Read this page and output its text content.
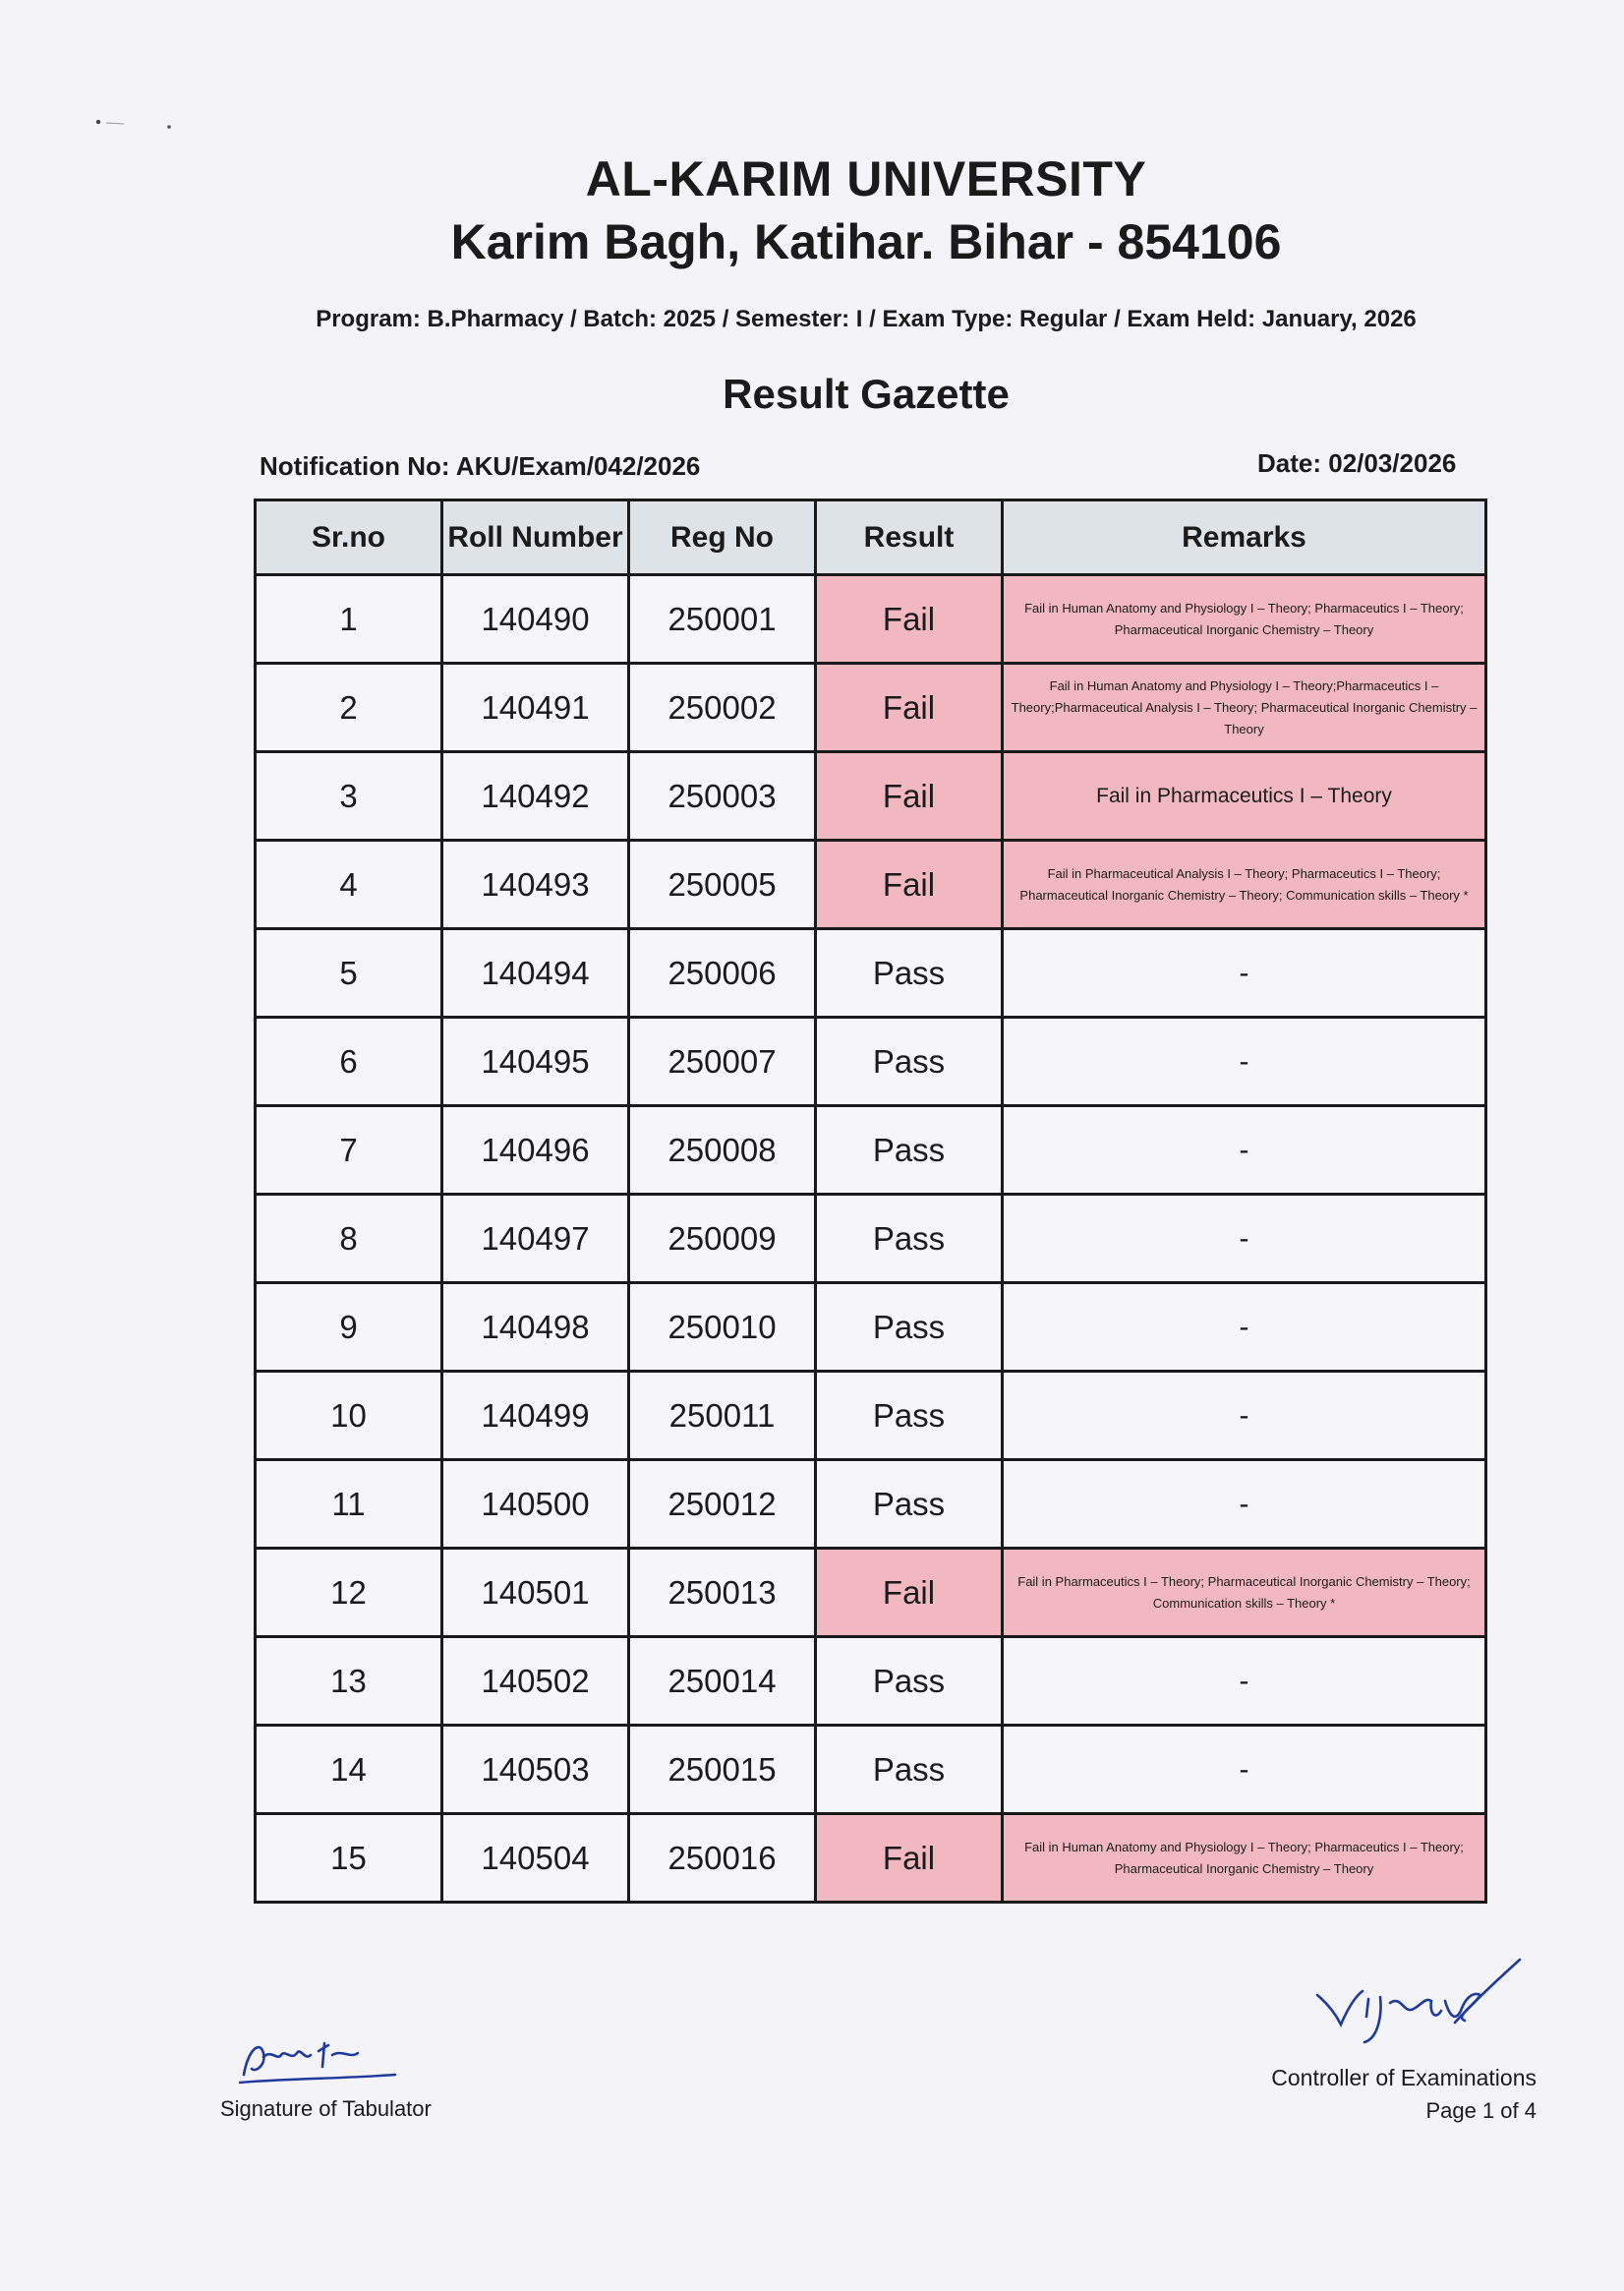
AL-KARIM UNIVERSITY
Karim Bagh, Katihar. Bihar - 854106
Program: B.Pharmacy / Batch: 2025 / Semester: I / Exam Type: Regular / Exam Held: January, 2026
Result Gazette
Notification No: AKU/Exam/042/2026	Date: 02/03/2026
Sr.no	Roll Number	Reg No	Result	Remarks
1	140490	250001	Fail	Fail in Human Anatomy and Physiology I – Theory; Pharmaceutics I – Theory; Pharmaceutical Inorganic Chemistry – Theory
2	140491	250002	Fail	Fail in Human Anatomy and Physiology I – Theory;Pharmaceutics I – Theory;Pharmaceutical Analysis I – Theory; Pharmaceutical Inorganic Chemistry – Theory
3	140492	250003	Fail	Fail in Pharmaceutics I – Theory
4	140493	250005	Fail	Fail in Pharmaceutical Analysis I – Theory; Pharmaceutics I – Theory; Pharmaceutical Inorganic Chemistry – Theory; Communication skills – Theory *
5	140494	250006	Pass	-
6	140495	250007	Pass	-
7	140496	250008	Pass	-
8	140497	250009	Pass	-
9	140498	250010	Pass	-
10	140499	250011	Pass	-
11	140500	250012	Pass	-
12	140501	250013	Fail	Fail in Pharmaceutics I – Theory; Pharmaceutical Inorganic Chemistry – Theory; Communication skills – Theory *
13	140502	250014	Pass	-
14	140503	250015	Pass	-
15	140504	250016	Fail	Fail in Human Anatomy and Physiology I – Theory; Pharmaceutics I – Theory; Pharmaceutical Inorganic Chemistry – Theory
Signature of Tabulator
Controller of Examinations
Page 1 of 4
